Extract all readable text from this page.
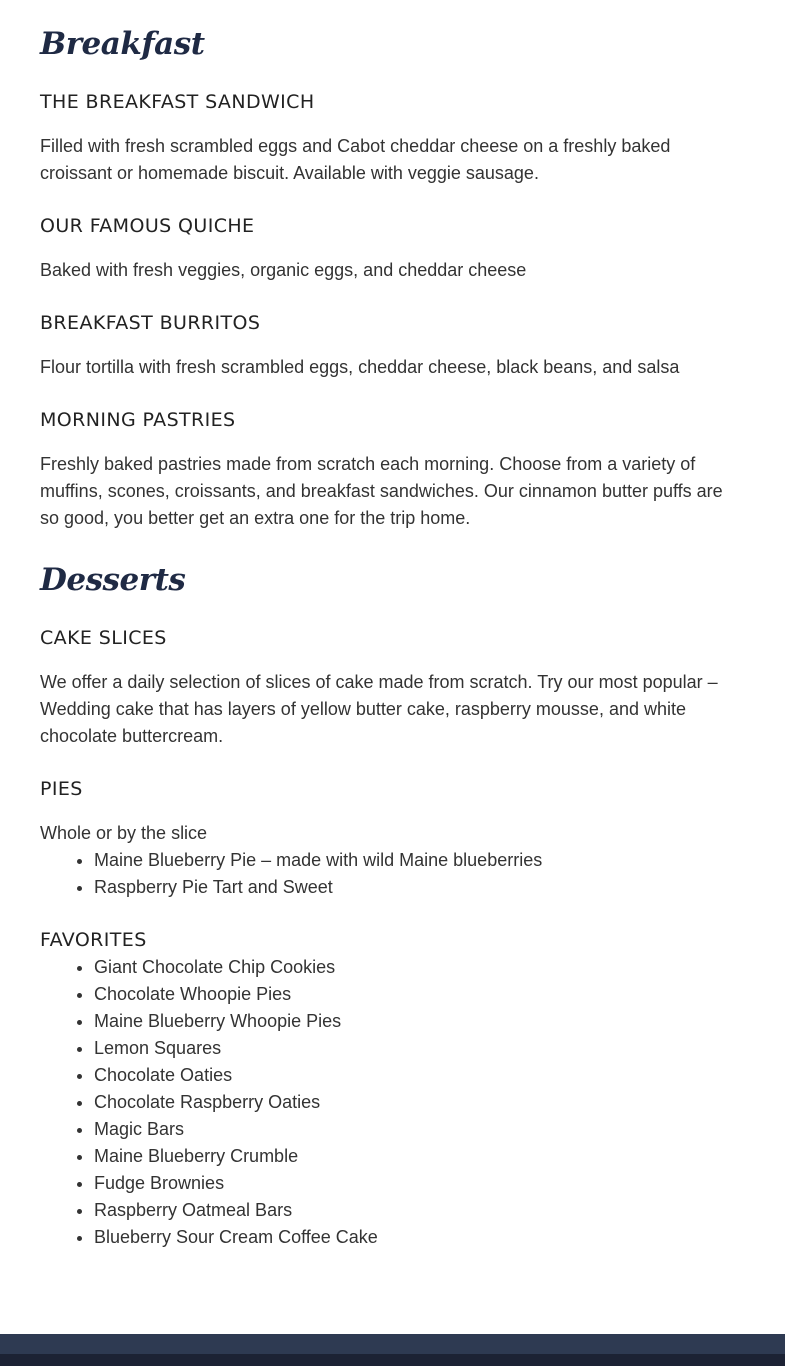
Breakfast
THE BREAKFAST SANDWICH

Filled with fresh scrambled eggs and Cabot cheddar cheese on a freshly baked croissant or homemade biscuit. Available with veggie sausage.

OUR FAMOUS QUICHE

Baked with fresh veggies, organic eggs, and cheddar cheese

BREAKFAST BURRITOS

Flour tortilla with fresh scrambled eggs, cheddar cheese, black beans, and salsa

MORNING PASTRIES

Freshly baked pastries made from scratch each morning. Choose from a variety of muffins, scones, croissants, and breakfast sandwiches. Our cinnamon butter puffs are so good, you better get an extra one for the trip home.

Desserts
CAKE SLICES

We offer a daily selection of slices of cake made from scratch. Try our most popular – Wedding cake that has layers of yellow butter cake, raspberry mousse, and white chocolate buttercream.

PIES

Whole or by the slice

• Maine Blueberry Pie – made with wild Maine blueberries
• Raspberry Pie Tart and Sweet
FAVORITES
• Giant Chocolate Chip Cookies
• Chocolate Whoopie Pies
• Maine Blueberry Whoopie Pies
• Lemon Squares
• Chocolate Oaties
• Chocolate Raspberry Oaties
• Magic Bars
• Maine Blueberry Crumble
• Fudge Brownies
• Raspberry Oatmeal Bars
• Blueberry Sour Cream Coffee Cake
